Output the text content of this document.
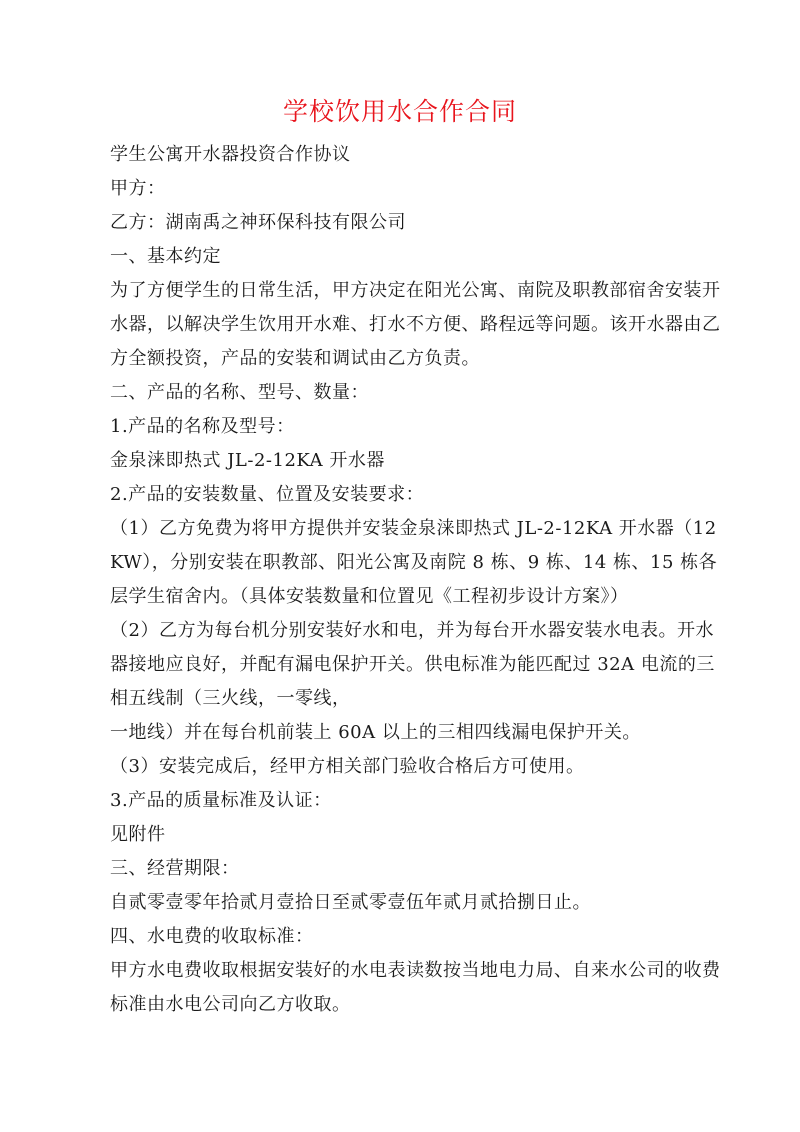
学校饮用水合作合同

学生公寓开水器投资合作协议

甲方：

乙方：湖南禹之神环保科技有限公司

一、基本约定

为了方便学生的日常生活，甲方决定在阳光公寓、南院及职教部宿舍安装开水器，以解决学生饮用开水难、打水不方便、路程远等问题。该开水器由乙方全额投资，产品的安装和调试由乙方负责。

二、产品的名称、型号、数量：

1.产品的名称及型号：

金泉涞即热式 JL-2-12KA 开水器

2.产品的安装数量、位置及安装要求：

（1）乙方免费为将甲方提供并安装金泉涞即热式 JL-2-12KA 开水器（12 KW），分别安装在职教部、阳光公寓及南院 8 栋、9 栋、14 栋、15 栋各层学生宿舍内。（具体安装数量和位置见《工程初步设计方案》）

（2）乙方为每台机分别安装好水和电，并为每台开水器安装水电表。开水器接地应良好，并配有漏电保护开关。供电标准为能匹配过 32A 电流的三相五线制（三火线，一零线，

一地线）并在每台机前装上 60A 以上的三相四线漏电保护开关。

（3）安装完成后，经甲方相关部门验收合格后方可使用。

3.产品的质量标准及认证：

见附件

三、经营期限：

自贰零壹零年拾贰月壹拾日至贰零壹伍年贰月贰拾捌日止。

四、水电费的收取标准：

甲方水电费收取根据安装好的水电表读数按当地电力局、自来水公司的收费标准由水电公司向乙方收取。
